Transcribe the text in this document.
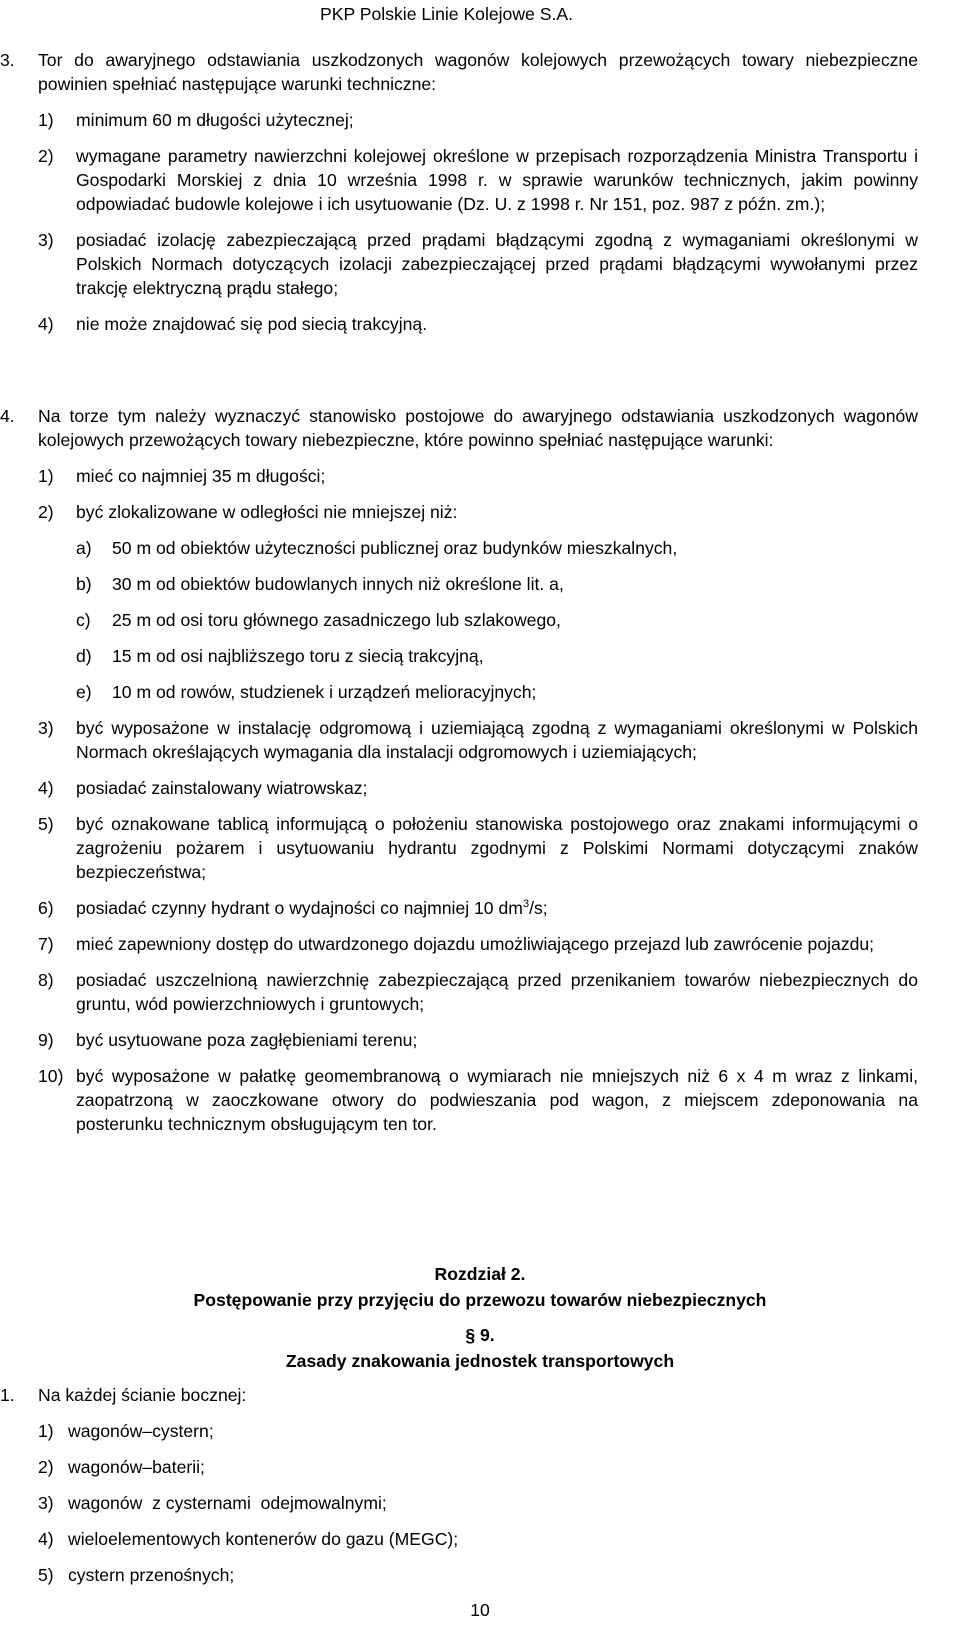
PKP Polskie Linie Kolejowe S.A.
3. Tor do awaryjnego odstawiania uszkodzonych wagonów kolejowych przewożących towary niebezpieczne powinien spełniać następujące warunki techniczne:

1) minimum 60 m długości użytecznej;

2) wymagane parametry nawierzchni kolejowej określone w przepisach rozporządzenia Ministra Transportu i Gospodarki Morskiej z dnia 10 września 1998 r. w sprawie warunków technicznych, jakim powinny odpowiadać budowle kolejowe i ich usytuowanie (Dz. U. z 1998 r. Nr 151, poz. 987 z późn. zm.);

3) posiadać izolację zabezpieczającą przed prądami błądzącymi zgodną z wymaganiami określonymi w Polskich Normach dotyczących izolacji zabezpieczającej przed prądami błądzącymi wywołanymi przez trakcję elektryczną prądu stałego;

4) nie może znajdować się pod siecią trakcyjną.

4. Na torze tym należy wyznaczyć stanowisko postojowe do awaryjnego odstawiania uszkodzonych wagonów kolejowych przewożących towary niebezpieczne, które powinno spełniać następujące warunki:

1) mieć co najmniej 35 m długości;

2) być zlokalizowane w odległości nie mniejszej niż:

a) 50 m od obiektów użyteczności publicznej oraz budynków mieszkalnych,

b) 30 m od obiektów budowlanych innych niż określone lit. a,

c) 25 m od osi toru głównego zasadniczego lub szlakowego,

d) 15 m od osi najbliższego toru z siecią trakcyjną,

e) 10 m od rowów, studzienek i urządzeń melioracyjnych;

3) być wyposażone w instalację odgromową i uziemiającą zgodną z wymaganiami określonymi w Polskich Normach określających wymagania dla instalacji odgromowych i uziemiających;

4) posiadać zainstalowany wiatrowskaz;

5) być oznakowane tablicą informującą o położeniu stanowiska postojowego oraz znakami informującymi o zagrożeniu pożarem i usytuowaniu hydrantu zgodnymi z Polskimi Normami dotyczącymi znaków bezpieczeństwa;

6) posiadać czynny hydrant o wydajności co najmniej 10 $dm^3/s$;

7) mieć zapewniony dostęp do utwardzonego dojazdu umożliwiającego przejazd lub zawrócenie pojazdu;

8) posiadać uszczelnioną nawierzchnię zabezpieczającą przed przenikaniem towarów niebezpiecznych do gruntu, wód powierzchniowych i gruntowych;

9) być usytuowane poza zagłębieniami terenu;

10) być wyposażone w pałatkę geomembranową o wymiarach nie mniejszych niż 6 x 4 m wraz z linkami, zaopatrzoną w zaoczkowane otwory do podwieszania pod wagon, z miejscem zdeponowania na posterunku technicznym obsługującym ten tor.

Rozdział 2.
Postępowanie przy przyjęciu do przewozu towarów niebezpiecznych
§ 9.
Zasady znakowania jednostek transportowych
1. Na każdej ścianie bocznej:

1) wagonów–cystern;

2) wagonów–baterii;

3) wagonów  z cysternami  odejmowalnymi;

4) wieloelementowych kontenerów do gazu (MEGC);

5) cystern przenośnych;

10
